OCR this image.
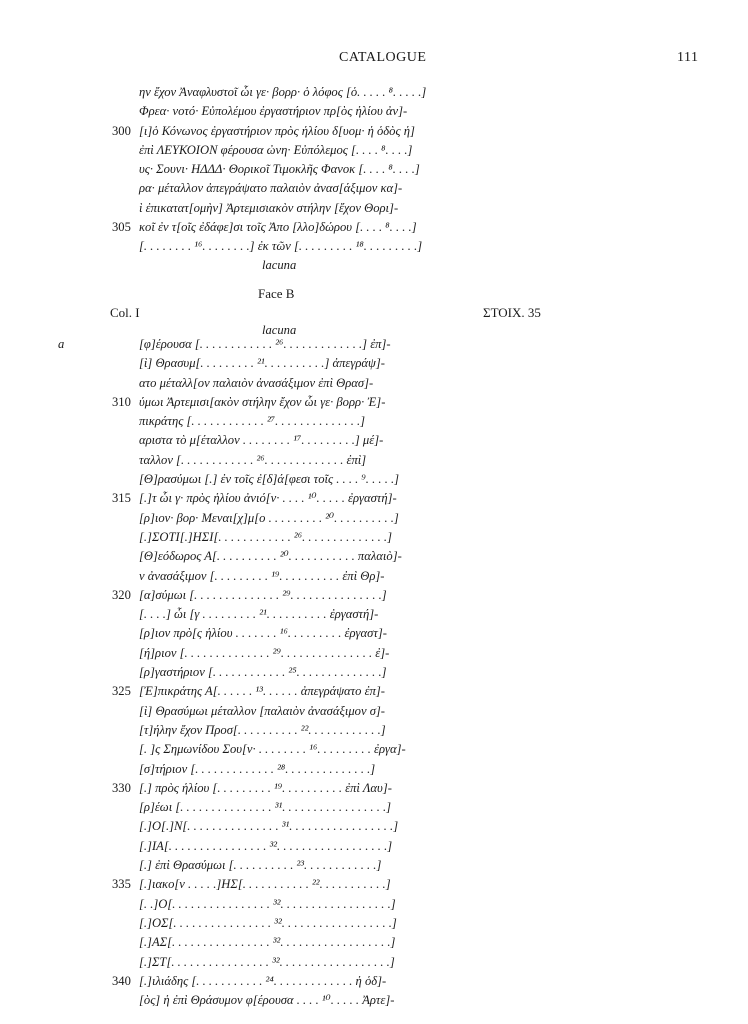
CATALOGUE	111
ην ἔχον Ἀναφλυστοῖ ὧι γε· βορρ· ὁ λόφος [ὁ. . . . . ⁸. . . . .]
Φρεα· νοτό· Εὐπολέμου ἐργαστήριον πρ[ὸς ἡλίου ἀν]-
300 [ι]ὁ Κόνωνος ἐργαστήριον πρὸς ἡλίου δ[υομ· ἡ ὁδὸς ἡ]
ἐπὶ ΛΕΥΚΟΙΟΝ φέρουσα ὠνη· Εὐπόλεμος [. . . . ⁸. . . .]
υς· Σουνι· ΗΔΔΔ· Θορικοῖ Τιμοκλῆς Φανοκ [. . . . ⁸. . . .]
ρα· μέταλλον ἀπεγράψατο παλαιὸν ἀνασ[άξιμον κα]-
ὶ ἐπικατατ[ομὴν] Ἀρτεμισιακὸν στήλην [ἔχον Θορι]-
305 κοῖ ἐν τ[οῖς ἐδάφε]σι τοῖς Ἀπο [λλο]δώρου [. . . . ⁸. . . .]
[. . . . . . . . ¹⁶. . . . . . . .] ἐκ τῶν [. . . . . . . . . ¹⁸. . . . . . . . .]
lacuna
Face B
Col. I	ΣΤΟΙΧ. 35
lacuna
[φ]έρουσα [. . . . . . . . . . . . ²⁶. . . . . . . . . . . . .] ἐπ]-
[ὶ] Θρασυμ[. . . . . . . . . ²¹. . . . . . . . . .] ἀπεγράψ]-
ατο μέταλλ[ον παλαιὸν ἀνασάξιμον ἐπὶ Θρασ]-
310 ύμωι Ἀρτεμισι[ακὸν στήλην ἔχον ὧι γε· βορρ· Ἐ]-
πικράτης [. . . . . . . . . . . . ²⁷. . . . . . . . . . . . . .]
αριστα τὸ μ[έταλλον . . . . . . . . ¹⁷. . . . . . . . .] μέ]-
ταλλον [. . . . . . . . . . . . ²⁶. . . . . . . . . . . . . ἐπὶ]
[Θ]ρασύμωι [.] ἐν τοῖς ἐ[δ]ά[φεσι τοῖς . . . . ⁹. . . . .]
315 [.]τ ὧι γ· πρὸς ἡλίου ἀνιό[ν· . . . . ¹⁰. . . . . ἐργαστή]-
[ρ]ιον· βορ· Μεναι[χ]μ[ο . . . . . . . . . ²⁰. . . . . . . . . .]
[.]ΣΟΤΙ[.]ΗΣΙ[. . . . . . . . . . . . ²⁶. . . . . . . . . . . . . .]
[Θ]εόδωρος Α[. . . . . . . . . . ²⁰. . . . . . . . . . . παλαιὸ]-
ν ἀνασάξιμον [. . . . . . . . . ¹⁹. . . . . . . . . . ἐπὶ Θρ]-
320 [α]σύμωι [. . . . . . . . . . . . . . ²⁹. . . . . . . . . . . . . . .]
[. . . .] ὧι [γ . . . . . . . . . ²¹. . . . . . . . . . ἐργαστή]-
[ρ]ιον πρὸ[ς ἡλίου . . . . . . . ¹⁶. . . . . . . . . ἐργαστ]-
[ή]ριον [. . . . . . . . . . . . . . ²⁹. . . . . . . . . . . . . . . ἐ]-
[ρ]γαστήριον [. . . . . . . . . . . . ²⁵. . . . . . . . . . . . . .]
325 [Ἐ]πικράτης Α[. . . . . . ¹³. . . . . . ἀπεγράψατο ἐπ]-
[ὶ] Θρασύμωι μέταλλον [παλαιὸν ἀνασάξιμον σ]-
[τ]ήλην ἔχον Προσ[. . . . . . . . . . ²². . . . . . . . . . . .]
[. ]ς Σημωνίδου Σου[ν· . . . . . . . . ¹⁶. . . . . . . . . ἐργα]-
[σ]τήριον [. . . . . . . . . . . . . ²⁸. . . . . . . . . . . . . .]
330 [.] πρὸς ἡλίου [. . . . . . . . . ¹⁹. . . . . . . . . . ἐπὶ Λαυ]-
[ρ]έωι [. . . . . . . . . . . . . . . ³¹. . . . . . . . . . . . . . . . .]
[.]Ο[.]Ν[. . . . . . . . . . . . . . . ³¹. . . . . . . . . . . . . . . . .]
[.]ΙΑ[. . . . . . . . . . . . . . . . ³². . . . . . . . . . . . . . . . . .]
[.] ἐπὶ Θρασύμωι [. . . . . . . . . . ²³. . . . . . . . . . . .]
335 [.]ιακο[ν . . . . .]ΗΣ[. . . . . . . . . . . ²². . . . . . . . . . .]
[. .]Ο[. . . . . . . . . . . . . . . . ³². . . . . . . . . . . . . . . . . .]
[.]ΟΣ[. . . . . . . . . . . . . . . . ³². . . . . . . . . . . . . . . . . .]
[.]ΑΣ[. . . . . . . . . . . . . . . . ³². . . . . . . . . . . . . . . . . .]
[.]ΣΤ[. . . . . . . . . . . . . . . . ³². . . . . . . . . . . . . . . . . .]
340 [.]ιλιάδης [. . . . . . . . . . . ²⁴. . . . . . . . . . . . . ἡ ὁδ]-
[ὸς] ἡ ἐπὶ Θράσυμον φ[έρουσα . . . . ¹⁰. . . . . Ἀρτε]-
a
